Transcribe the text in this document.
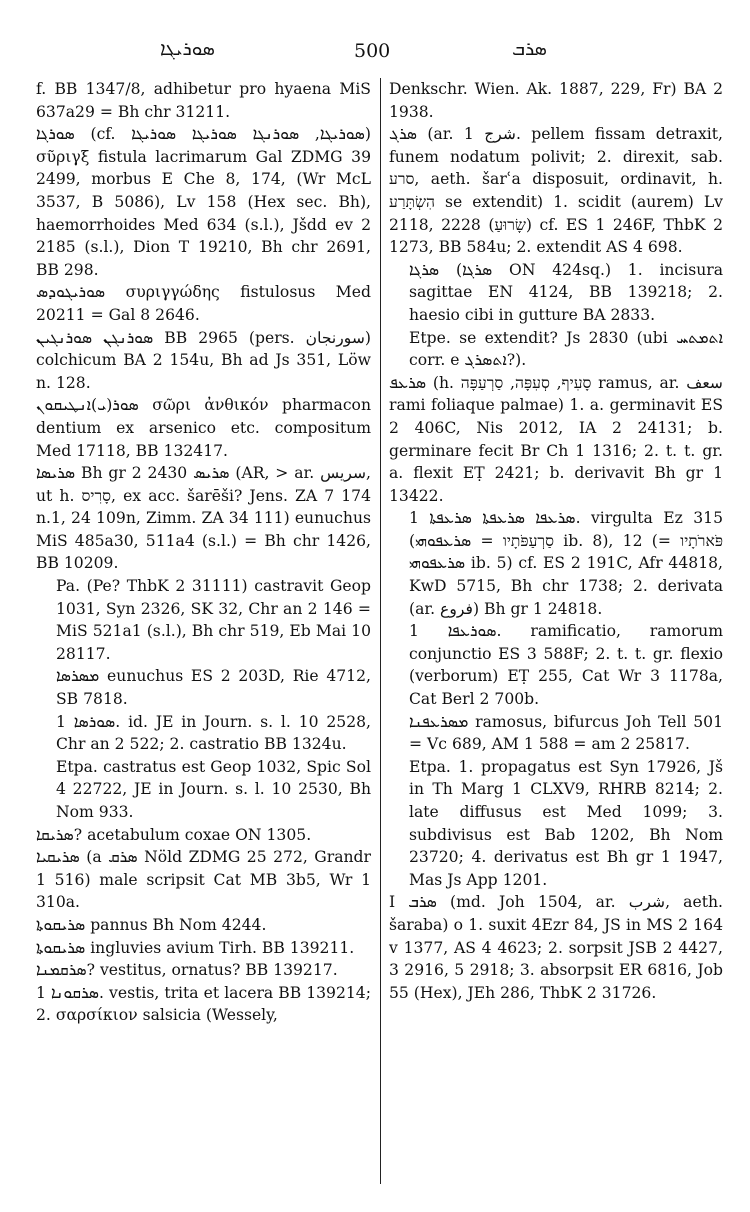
ܣܘܪܝܓܐ	500	ܣܪܒ

f. BB 1347/8, adhibetur pro hyaena MiS 637a29 = Bh chr 31211.

ܣܘܪܓܐ (cf. ܣܘܪܝܓܐ, ܣܘܪܢܓܐ ܣܘܪܝܓܐ ܣܘܪܝܓܐ) σῦριγξ fistula lacrimarum Gal ZDMG 39 2499, morbus E Che 8, 174, (Wr McL 3537, B 5086), Lv 158 (Hex sec. Bh), haemorrhoides Med 634 (s.l.), Jšdd ev 2 2185 (s.l.), Dion T 19210, Bh chr 2691, BB 298.

ܣܘܪܝܓܘܕܣ συριγγώδης fistulosus Med 20211 = Gal 8 2646.

ܣܘܪܢܓܢ ܣܘܪܢܓܝܢ BB 2965 (pers. سورنجان) colchicum BA 2 154u, Bh ad Js 351, Löw n. 128.

ܣܘܪ(ܝ)ܐܢܛܝܩܘܢ σῶρι ἀνθικόν pharmacon dentium ex arsenico etc. compositum Med 17118, BB 132417.

ܣܪܝܣܐ Bh gr 2 2430 ܣܪܝܣ (AR, > ar. سريس, ut h. סָרִיס, ex acc. šarēši? Jens. ZA 7 174 n.1, 24 109n, Zimm. ZA 34 111) eunuchus MiS 485a30, 511a4 (s.l.) = Bh chr 1426, BB 10209.

Pa. (Pe? ThbK 2 31111) castravit Geop 1031, Syn 2326, SK 32, Chr an 2 146 = MiS 521a1 (s.l.), Bh chr 519, Eb Mai 10 28117.

ܡܣܪܣܐ eunuchus ES 2 203D, Rie 4712, SB 7818.

ܣܘܪܣܐ 1. id. JE in Journ. s. l. 10 2528, Chr an 2 522; 2. castratio BB 1324u.

Etpa. castratus est Geop 1032, Spic Sol 4 22722, JE in Journ. s. l. 10 2530, Bh Nom 933.

ܣܪܝܩܐ? acetabulum coxae ON 1305.

ܣܪܝܩܝܐ (a ܣܪܩ Nöld ZDMG 25 272, Grandr 1 516) male scripsit Cat MB 3b5, Wr 1 310a.

ܣܪܝܩܘܬܐ pannus Bh Nom 4244.

ܣܪܝܩܘܬܐ ingluvies avium Tirh. BB 139211.

ܣܪܩܡܢܐ? vestitus, ornatus? BB 139217.

ܣܪܩܘܢܐ 1. vestis, trita et lacera BB 139214; 2. σαρσίκιον salsicia (Wessely,

Denkschr. Wien. Ak. 1887, 229, Fr) BA 2 1938.

ܣܪܓ (ar. شرج 1. pellem fissam detraxit, funem nodatum polivit; 2. direxit, sab. סרע, aeth. šarʿa disposuit, ordinavit, h. הִשְׂתָּרַע se extendit) 1. scidit (aurem) Lv 2118, 2228 (שָׂרוּעַ) cf. ES 1 246F, ThbK 2 1273, BB 584u; 2. extendit AS 4 698.

ܣܪܓܐ (ܣܪܓܐ ON 424sq.) 1. incisura sagittae EN 4124, BB 139218; 2. haesio cibi in gutture BA 2833.

Etpe. se extendit? Js 2830 (ubi ܐܬܡܬܚ corr. e ܐܬܣܪܓ?).

ܣܪܥܦ (h. סָעִיף, סְעִפָּה, סַרְעַפָּה ramus, ar. سعف rami foliaque palmae) 1. a. germinavit ES 2 406C, Nis 2012, IA 2 24131; b. germinare fecit Br Ch 1 1316; 2. t. t. gr. a. flexit EṬ 2421; b. derivavit Bh gr 1 13422.

ܣܪܥܦܐ ܣܪܥܦܬܐ ܣܪܥܦܬܐ 1. virgulta Ez 315 (סַרְעַפֹּתָיו = ܣܪܥܦܘܗܝ ib. 8), 12 (פֹּארֹתָיו = ܣܪܥܦܘܗܝ ib. 5) cf. ES 2 191C, Afr 44818, KwD 5715, Bh chr 1738; 2. derivata (ar. فروع) Bh gr 1 24818.

ܣܘܪܥܦܐ 1. ramificatio, ramorum conjunctio ES 3 588F; 2. t. t. gr. flexio (verborum) EṬ 255, Cat Wr 3 1178a, Cat Berl 2 700b.

ܡܣܪܥܦܢܐ ramosus, bifurcus Joh Tell 501 = Vc 689, AM 1 588 = am 2 25817.

Etpa. 1. propagatus est Syn 17926, Jš in Th Marg 1 CLXV9, RHRB 8214; 2. late diffusus est Med 1099; 3. subdivisus est Bab 1202, Bh Nom 23720; 4. derivatus est Bh gr 1 1947, Mas Js App 1201.

I ܣܪܒ (md. Joh 1504, ar. شرب, aeth. šaraba) o 1. suxit 4Ezr 84, JS in MS 2 164 v 1377, AS 4 4623; 2. sorpsit JSB 2 4427, 3 2916, 5 2918; 3. absorpsit ER 6816, Job 55 (Hex), JEh 286, ThbK 2 31726.
